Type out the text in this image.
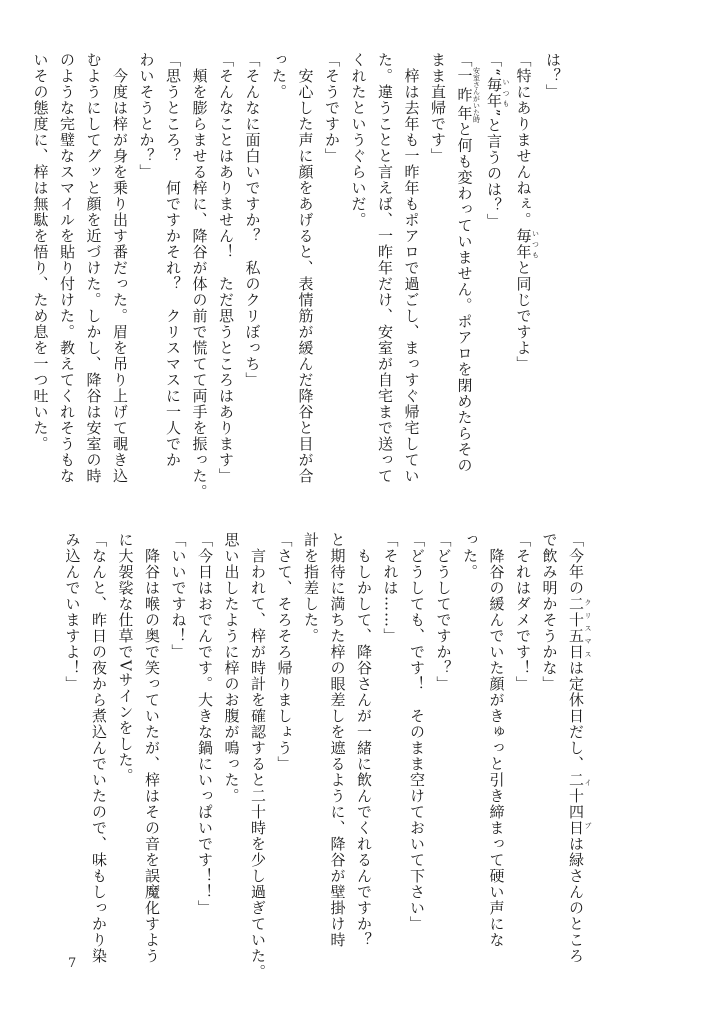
は？」
「特にありませんねぇ。毎年 いつもと同じですよ」
「“毎年 いつも”と言うのは？」
「一昨年 安室さんがいた時と何も変わっていません。ポアロを閉めたらその
まま直帰です」
　梓は去年も一昨年もポアロで過ごし、まっすぐ帰宅してい
た。違うことと言えば、一昨年だけ、安室が自宅まで送って
くれたというぐらいだ。
「そうですか」
　安心した声に顔をあげると、表情筋が緩んだ降谷と目が合
った。
「そんなに面白いですか？　私のクリぼっち」
「そんなことはありません！　ただ思うところはあります」
　頬を膨らませる梓に、降谷が体の前で慌てて両手を振った。
「思うところ？　何ですかそれ？　クリスマスに一人でか
わいそうとか？」
　今度は梓が身を乗り出す番だった。眉を吊り上げて覗き込
むようにしてグッと顔を近づけた。しかし、降谷は安室の時
のような完璧なスマイルを貼り付けた。教えてくれそうもな
いその態度に、梓は無駄を悟り、ため息を一つ吐いた。
「今年の二十五日 クリスマスは定休日だし、二十四日 イブは緑さんのところ
で飲み明かそうかな」
「それはダメです！」
　降谷の緩んでいた顔がきゅっと引き締まって硬い声にな
った。
「どうしてですか？」
「どうしても、です！　そのまま空けておいて下さい」
「それは……」
　もしかして、降谷さんが一緒に飲んでくれるんですか？
と期待に満ちた梓の眼差しを遮るように、降谷が壁掛け時
計を指差した。
「さて、そろそろ帰りましょう」
　言われて、梓が時計を確認すると二十時を少し過ぎていた。
思い出したように梓のお腹が鳴った。
「今日はおでんです。大きな鍋にいっぱいです！！」
「いいですね！」
　降谷は喉の奥で笑っていたが、梓はその音を誤魔化すよう
に大袈裟な仕草でVサインをした。
「なんと、昨日の夜から煮込んでいたので、味もしっかり染
み込んでいますよ！」
7
